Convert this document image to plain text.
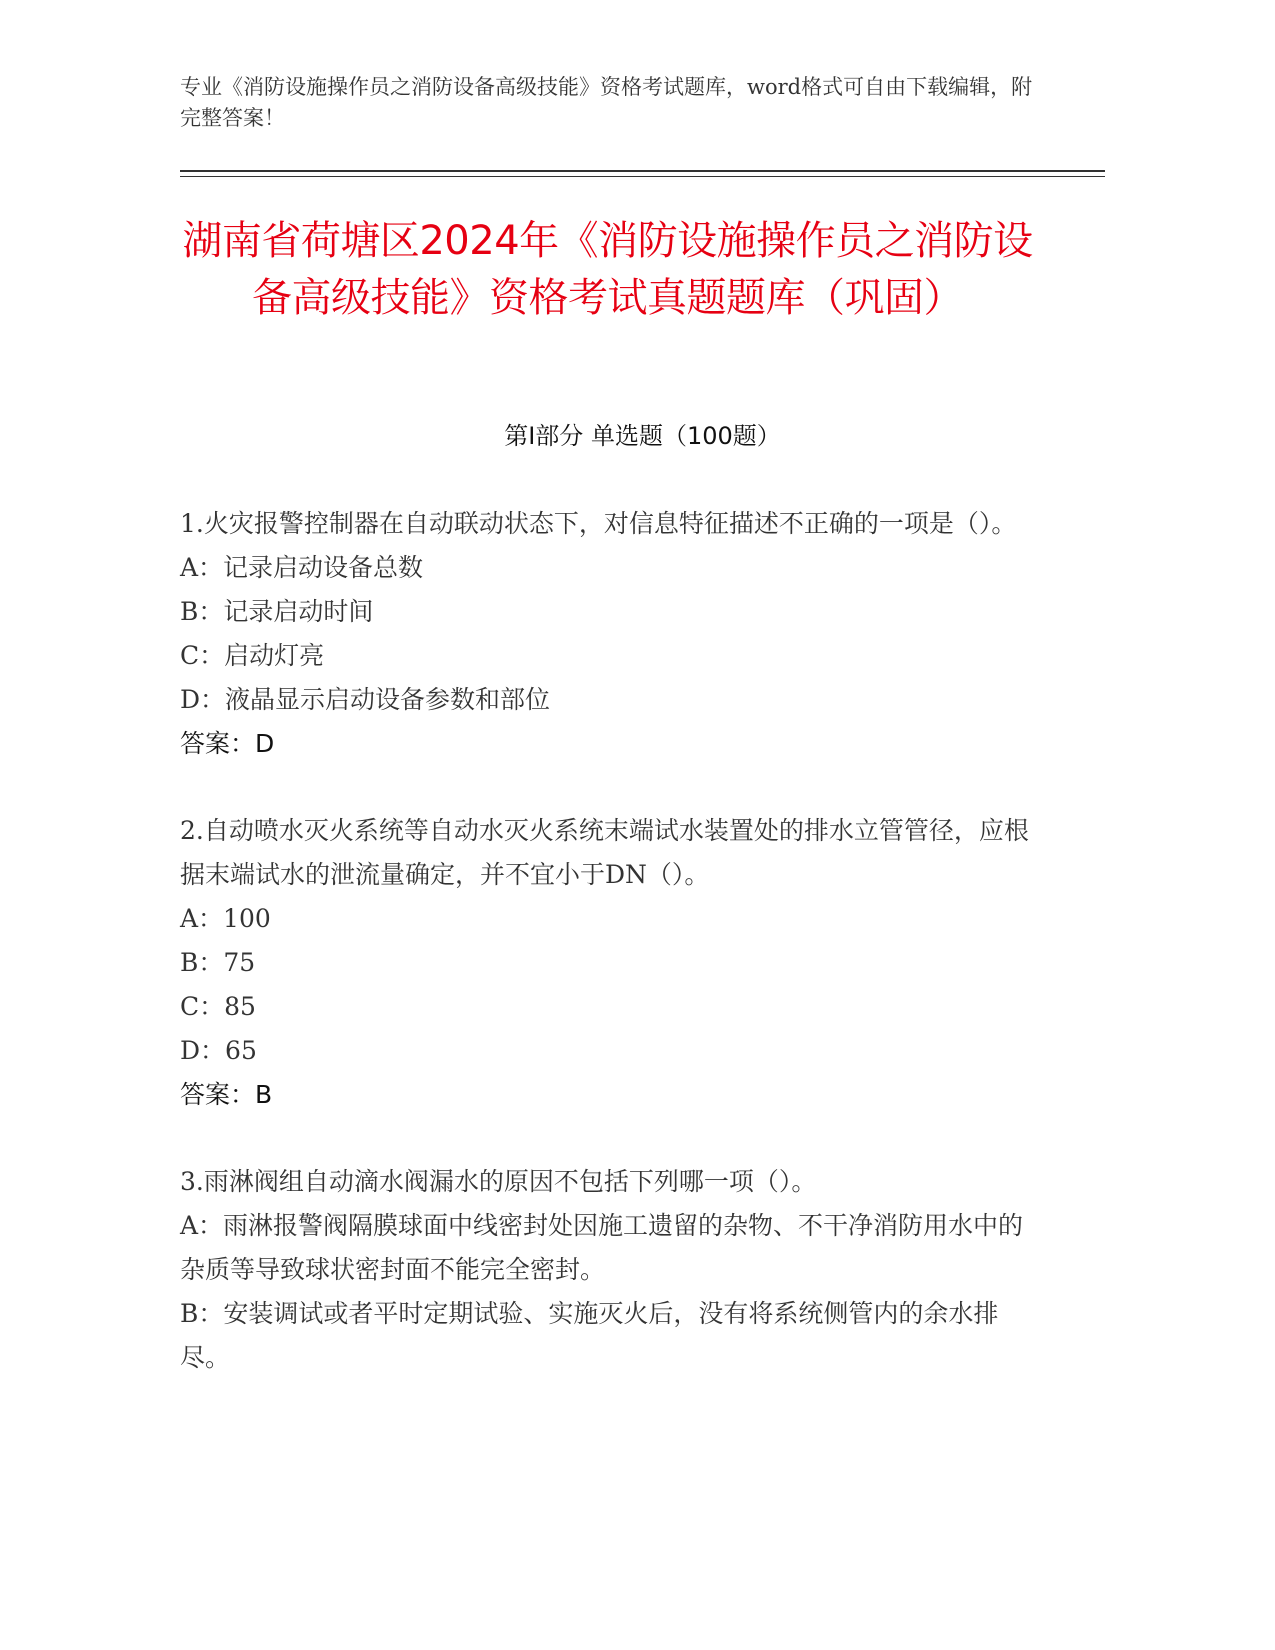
专业《消防设施操作员之消防设备高级技能》资格考试题库，word格式可自由下载编辑，附完整答案！
湖南省荷塘区2024年《消防设施操作员之消防设备高级技能》资格考试真题题库（巩固）
第Ⅰ部分 单选题（100题）

1.火灾报警控制器在自动联动状态下，对信息特征描述不正确的一项是（）。

A：记录启动设备总数

B：记录启动时间

C：启动灯亮

D：液晶显示启动设备参数和部位

答案：D

2.自动喷水灭火系统等自动水灭火系统末端试水装置处的排水立管管径，应根据末端试水的泄流量确定，并不宜小于DN（）。

A：100

B：75

C：85

D：65

答案：B

3.雨淋阀组自动滴水阀漏水的原因不包括下列哪一项（）。

A：雨淋报警阀隔膜球面中线密封处因施工遗留的杂物、不干净消防用水中的杂质等导致球状密封面不能完全密封。

B：安装调试或者平时定期试验、实施灭火后，没有将系统侧管内的余水排尽。
